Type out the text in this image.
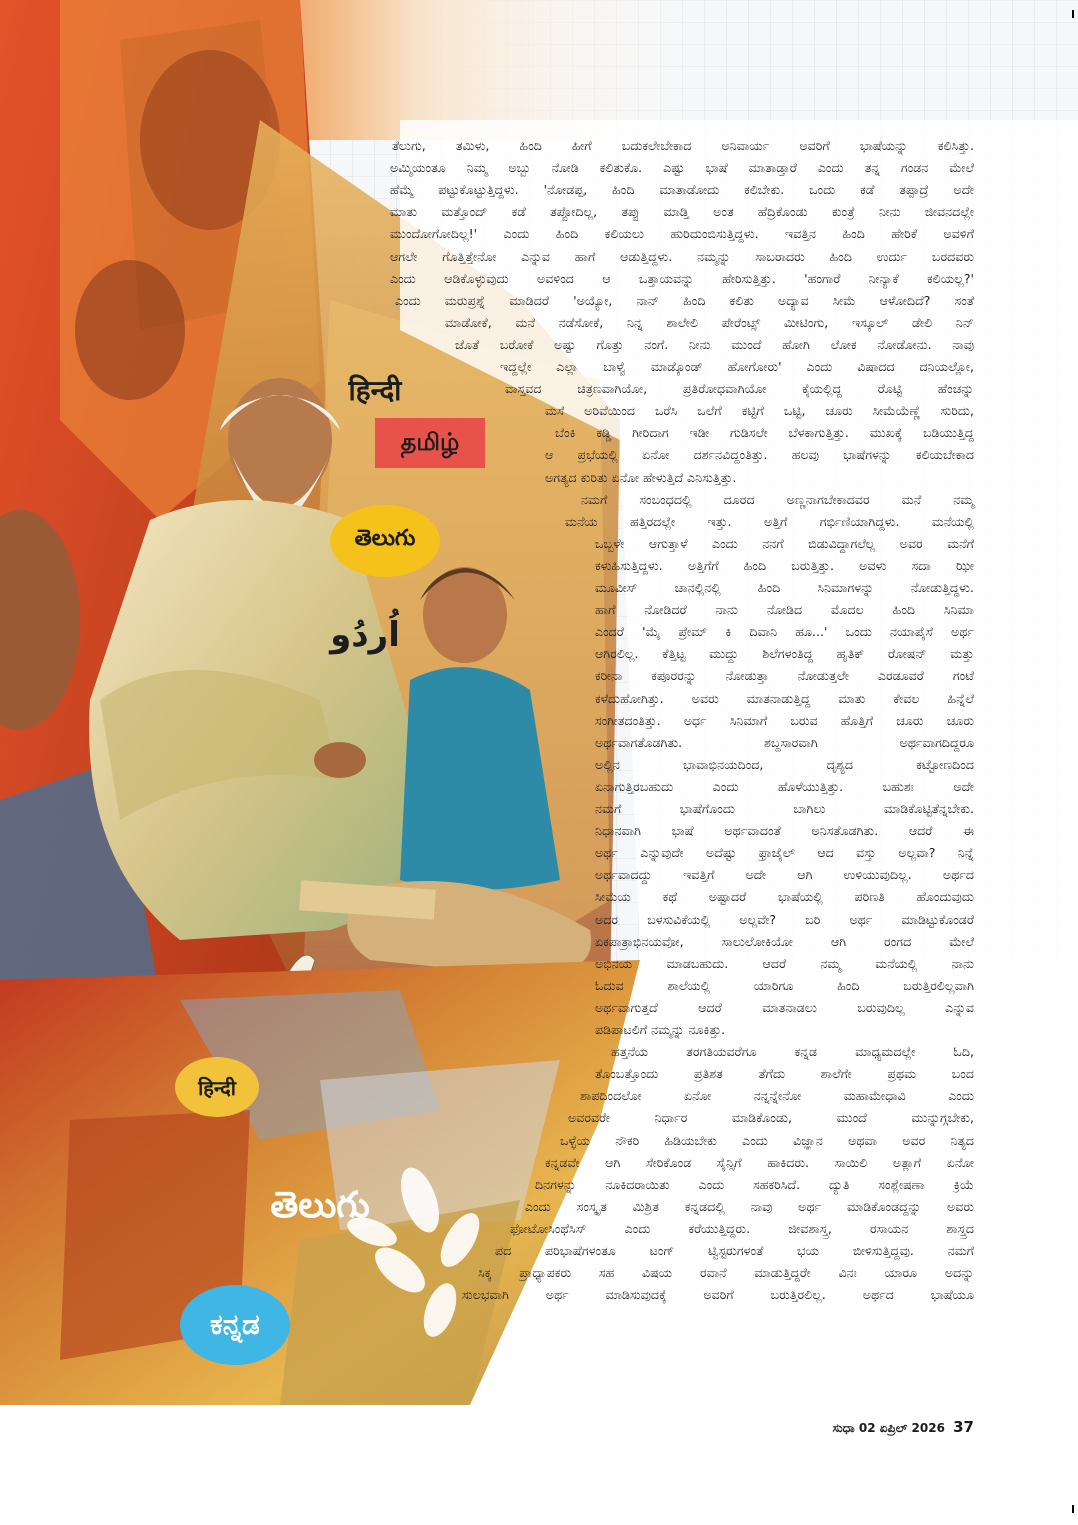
हिन्दी
தமிழ்
తెలుగు
اُردُو
हिन्दी
తెలుగు
ಕನ್ನಡ
ತೆಲುಗು, ತಮಿಳು, ಹಿಂದಿ ಹೀಗೆ ಬದುಕಲೇಬೇಕಾದ ಅನಿವಾರ್ಯ ಅವರಿಗೆ ಭಾಷೆಯನ್ನು ಕಲಿಸಿತ್ತು.
ಅಮ್ಮಿಯಂತೂ ನಿಮ್ಮ ಅಬ್ಬು ನೋಡಿ ಕಲಿತುಕೊ. ಎಷ್ಟು ಭಾಷೆ ಮಾತಾಡ್ತಾರೆ ಎಂದು ತನ್ನ ಗಂಡನ ಮೇಲೆ
ಹೆಮ್ಮೆ ಪಟ್ಟುಕೊಟ್ಟುತ್ತಿದ್ದಳು. 'ನೋಡಪ್ಪ, ಹಿಂದಿ ಮಾತಾಡೋದು ಕಲಿಬೇಕು. ಒಂದು ಕಡೆ ತಪ್ಪಾದ್ರೆ ಅದೇ
ಮಾತು ಮತ್ತೊಂದ್ ಕಡೆ ತಪ್ಪೋದಿಲ್ಲ, ತಪ್ಪು ಮಾಡ್ತಿ ಅಂತ ಹೆದ್ರಿಕೊಂಡು ಕುಂತ್ರೆ ನೀನು ಜೀವನದಲ್ಲೇ
ಮುಂದೋಗೋದಿಲ್ಲ!' ಎಂದು ಹಿಂದಿ ಕಲಿಯಲು ಹುರಿದುಂಬಿಸುತ್ತಿದ್ದಳು. ಇವತ್ತಿನ ಹಿಂದಿ ಹೇರಿಕೆ ಅವಳಿಗೆ
ಆಗಲೇ ಗೊತ್ತಿತ್ತೇನೋ ಎನ್ನುವ ಹಾಗೆ ಆಡುತ್ತಿದ್ದಳು. ನಮ್ಮನ್ನು ಸಾಬರಾದರು ಹಿಂದಿ ಉರ್ದು ಬರದವರು
ಎಂದು ಆಡಿಕೊಳ್ಳುವುದು ಅವಳಿಂದ ಆ ಒತ್ತಾಯವನ್ನು ಹೇರಿಸುತ್ತಿತ್ತು. 'ಹಂಗಾರೆ ನೀನ್ಯಾಕೆ ಕಲಿಯಲ್ಲ?'
ಎಂದು ಮರುಪ್ರಶ್ನೆ ಮಾಡಿದರೆ 'ಅಯ್ಯೋ, ನಾನ್ ಹಿಂದಿ ಕಲಿತು ಅದ್ಯಾವ ಸೀಮೆ ಆಳೋದಿದೆ? ಸಂತೆ
ಮಾಡೋಕೆ, ಮನೆ ನಡೆಸೋಕೆ, ನಿನ್ನ ಶಾಲೇಲಿ ಪೇರೆಂಟ್ಸ್ ಮೀಟಿಂಗು, ಇಸ್ಕೂಲ್ ಡೇಲಿ ನಿನ್
ಜೊತೆ ಬರೋಕೆ ಅಷ್ಟು ಗೊತ್ತು ನಂಗೆ. ನೀನು ಮುಂದೆ ಹೋಗಿ ಲೋಕ ನೋಡೋನು. ನಾವು
ಇದ್ದಲ್ಲೇ ಎಲ್ಲಾ ಬಾಳ್ವೆ ಮಾಡ್ಕೊಂಡ್ ಹೋಗೋರು' ಎಂದು ವಿಷಾದದ ದನಿಯಲ್ಲೋ,
ವಾಸ್ತವದ ಚಿತ್ರಣವಾಗಿಯೋ, ಪ್ರತಿರೋಧವಾಗಿಯೋ ಕೈಯಲ್ಲಿದ್ದ ರೊಟ್ಟಿ ಹೆಂಚನ್ನು
ಮಸೆ ಅರಿವೆಯಿಂದ ಒರೆಸಿ ಒಲೆಗೆ ಕಟ್ಟಿಗೆ ಒಟ್ಟಿ, ಚೂರು ಸೀಮೆಯೆಣ್ಣೆ ಸುರಿದು,
ಬೆಂಕಿ ಕಡ್ಡಿ ಗೀರಿದಾಗ ಇಡೀ ಗುಡಿಸಲೇ ಬೆಳಕಾಗುತ್ತಿತ್ತು. ಮುಖಕ್ಕೆ ಬಡಿಯುತ್ತಿದ್ದ
ಆ ಪ್ರಭೆಯಲ್ಲಿ ಏನೋ ದರ್ಶನವಿದ್ದಂತಿತ್ತು. ಹಲವು ಭಾಷೆಗಳನ್ನು ಕಲಿಯಬೇಕಾದ
ಅಗತ್ಯದ ಕುರಿತು ಏನೋ ಹೇಳುತ್ತಿದೆ ಎನಿಸುತ್ತಿತ್ತು.
ನಮಗೆ ಸಂಬಂಧದಲ್ಲಿ ದೂರದ ಅಣ್ಣನಾಗಬೇಕಾದವರ ಮನೆ ನಮ್ಮ
ಮನೆಯ ಹತ್ತಿರದಲ್ಲೇ ಇತ್ತು. ಅತ್ತಿಗೆ ಗರ್ಭಿಣಿಯಾಗಿದ್ದಳು. ಮನೆಯಲ್ಲಿ
ಒಬ್ಬಳೇ ಆಗುತ್ತಾಳೆ ಎಂದು ನನಗೆ ಬಿಡುವಿದ್ದಾಗಲೆಲ್ಲ ಅವರ ಮನೆಗೆ
ಕಳುಹಿಸುತ್ತಿದ್ದಳು. ಅತ್ತಿಗೆಗೆ ಹಿಂದಿ ಬರುತ್ತಿತ್ತು. ಅವಳು ಸದಾ ಝೀ
ಮೂವೀಸ್ ಚಾನಲ್ಲಿನಲ್ಲಿ ಹಿಂದಿ ಸಿನಿಮಾಗಳನ್ನು ನೋಡುತ್ತಿದ್ದಳು.
ಹಾಗೆ ನೋಡಿದರೆ ನಾನು ನೋಡಿದ ಮೊದಲ ಹಿಂದಿ ಸಿನಿಮಾ
ಎಂದರೆ 'ಮೈ ಪ್ರೇಮ್ ಕಿ ದಿವಾನಿ ಹೂ...' ಒಂದು ನಯಾಪೈಸೆ ಅರ್ಥ
ಆಗಿರಲಿಲ್ಲ. ಕೆತ್ತಿಟ್ಟ ಮುದ್ದು ಶಿಲೆಗಳಂತಿದ್ದ ಹೃತಿಕ್ ರೋಷನ್ ಮತ್ತು
ಕರೀನಾ ಕಪೂರರನ್ನು ನೋಡುತ್ತಾ ನೋಡುತ್ತಲೇ ಎರಡೂವರೆ ಗಂಟೆ
ಕಳೆದುಹೋಗಿತ್ತು. ಅವರು ಮಾತನಾಡುತ್ತಿದ್ದ ಮಾತು ಕೇವಲ ಹಿನ್ನೆಲೆ
ಸಂಗೀತದಂತಿತ್ತು. ಅರ್ಧ ಸಿನಿಮಾಗೆ ಬರುವ ಹೊತ್ತಿಗೆ ಚೂರು ಚೂರು
ಅರ್ಥವಾಗತೊಡಗಿತು. ಶಬ್ದಸಾರವಾಗಿ ಅರ್ಥವಾಗದಿದ್ದರೂ
ಅಲ್ಲಿನ ಭಾವಾಭಿನಯದಿಂದ, ದೃಶ್ಯದ ಕಟ್ಟೋಣದಿಂದ
ಏನಾಗುತ್ತಿರಬಹುದು ಎಂದು ಹೊಳೆಯುತ್ತಿತ್ತು. ಬಹುಶಃ ಅದೇ
ನಮಗೆ ಭಾಷೆಗೊಂದು ಬಾಗಿಲು ಮಾಡಿಕೊಟ್ಟಿತೆನ್ನಬೇಕು.
ನಿಧಾನವಾಗಿ ಭಾಷೆ ಅರ್ಥವಾದಂತೆ ಅನಿಸತೊಡಗಿತು. ಆದರೆ ಈ
ಅರ್ಥ ಎನ್ನುವುದೇ ಅದೆಷ್ಟು ಫ್ರಾಜೈಲ್ ಆದ ವಸ್ತು ಅಲ್ಲವಾ? ನಿನ್ನೆ
ಅರ್ಥವಾದದ್ದು ಇವತ್ತಿಗೆ ಅದೇ ಆಗಿ ಉಳಿಯುವುದಿಲ್ಲ. ಅರ್ಥದ
ಸೀಮೆಯ ಕಥೆ ಅಷ್ಟಾದರೆ ಭಾಷೆಯಲ್ಲಿ ಪರಿಣತಿ ಹೊಂದುವುದು
ಅದರ ಬಳಸುವಿಕೆಯಲ್ಲಿ ಅಲ್ಲವೇ? ಬರಿ ಅರ್ಥ ಮಾಡಿಟ್ಟುಕೊಂಡರೆ
ಏಕಪಾತ್ರಾಭಿನಯವೋ, ಸಾಲುಲೋಕಿಯೋ ಆಗಿ ರಂಗದ ಮೇಲೆ
ಅಭಿನಯ ಮಾಡಬಹುದು. ಆದರೆ ನಮ್ಮ ಮನೆಯಲ್ಲಿ ನಾನು
ಓದುವ ಶಾಲೆಯಲ್ಲಿ ಯಾರಿಗೂ ಹಿಂದಿ ಬರುತ್ತಿರಲಿಲ್ಲವಾಗಿ
ಅರ್ಥವಾಗುತ್ತದೆ ಆದರೆ ಮಾತನಾಡಲು ಬರುವುದಿಲ್ಲ ಎನ್ನುವ
ಪಡಿಪಾಟಲಿಗೆ ನಮ್ಮನ್ನು ನೂಕಿತ್ತು.
ಹತ್ತನೆಯ ತರಗತಿಯವರೆಗೂ ಕನ್ನಡ ಮಾಧ್ಯಮದಲ್ಲೇ ಓದಿ,
ತೊಂಬತ್ತೊಂದು ಪ್ರತಿಶತ ತೆಗೆದು ಶಾಲೆಗೇ ಪ್ರಥಮ ಬಂದ
ಶಾಪದಿಂದಲೋ ಏನೋ ನನ್ನನ್ನೇನೋ ಮಹಾಮೇಧಾವಿ ಎಂದು
ಅವರವರೇ ನಿರ್ಧಾರ ಮಾಡಿಕೊಂಡು, ಮುಂದೆ ಮುನ್ನುಗ್ಗಬೇಕು,
ಒಳ್ಳೆಯ ನೌಕರಿ ಹಿಡಿಯಬೇಕು ಎಂದು ವಿಜ್ಞಾನ ಅಥವಾ ಅವರ ನಿತ್ಯದ
ಕನ್ನಡವೇ ಆಗಿ ಸೇರಿಕೊಂಡ ಸೈನ್ಸಿಗೆ ಹಾಕಿದರು. ಸಾಯಿಲಿ ಅತ್ಲಾಗೆ ಏನೋ
ದಿನಗಳನ್ನು ನೂಕಿದರಾಯಿತು ಎಂದು ಸಹಕರಿಸಿದೆ. ದ್ಯುತಿ ಸಂಶ್ಲೇಷಣಾ ಕ್ರಿಯೆ
ಎಂದು ಸಂಸ್ಕೃತ ಮಿಶ್ರಿತ ಕನ್ನಡದಲ್ಲಿ ನಾವು ಅರ್ಥ ಮಾಡಿಕೊಂಡದ್ದನ್ನು ಅವರು
ಫೋಟೋಸಿಂಥೆಸಿಸ್ ಎಂದು ಕರೆಯುತ್ತಿದ್ದರು. ಜೀವಶಾಸ್ತ್ರ, ರಸಾಯನ ಶಾಸ್ತ್ರದ
ಪದ ಪರಿಭಾಷೆಗಳಂತೂ ಟಂಗ್ ಟ್ವಿಸ್ಟರುಗಳಂತೆ ಭಯ ಬೀಳಿಸುತ್ತಿದ್ದವು. ನಮಗೆ
ಸಿಕ್ಕ ಪ್ರಾಧ್ಯಾಪಕರು ಸಹ ವಿಷಯ ರವಾನೆ ಮಾಡುತ್ತಿದ್ದರೇ ವಿನಃ ಯಾರೂ ಅದನ್ನು
ಸುಲಭವಾಗಿ ಅರ್ಥ ಮಾಡಿಸುವುದಕ್ಕೆ ಅವರಿಗೆ ಬರುತ್ತಿರಲಿಲ್ಲ. ಅರ್ಥದ ಭಾಷೆಯೂ
ಸುಧಾ 02 ಏಪ್ರಿಲ್ 2026 37
